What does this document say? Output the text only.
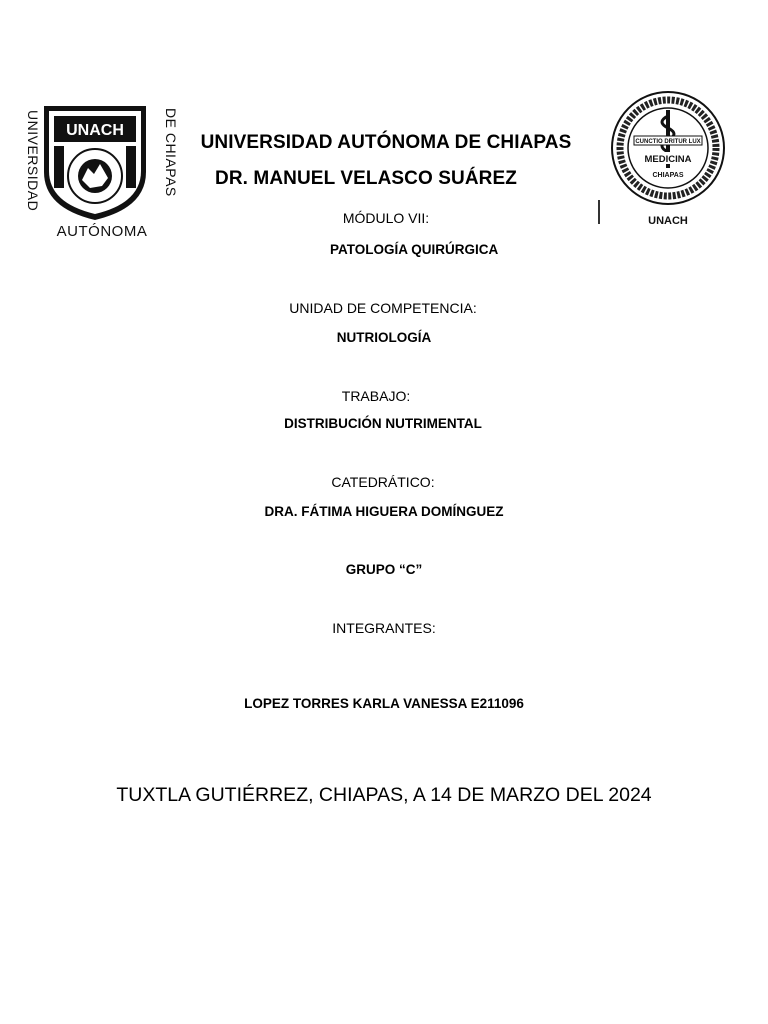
UNIVERSIDAD	DE CHIAPAS
UNACH
AUTÓNOMA
UNIVERSIDAD AUTÓNOMA DE CHIAPAS
DR. MANUEL VELASCO SUÁREZ
CUNCTIO DRITUR LUX
MEDICINA
CHIAPAS
UNACH
MÓDULO VII:
PATOLOGÍA QUIRÚRGICA
UNIDAD DE COMPETENCIA:
NUTRIOLOGÍA
TRABAJO:
DISTRIBUCIÓN NUTRIMENTAL
CATEDRÁTICO:
DRA. FÁTIMA HIGUERA DOMÍNGUEZ
GRUPO “C”
INTEGRANTES:
LOPEZ TORRES KARLA VANESSA E211096
TUXTLA GUTIÉRREZ, CHIAPAS, A 14 DE MARZO DEL 2024
